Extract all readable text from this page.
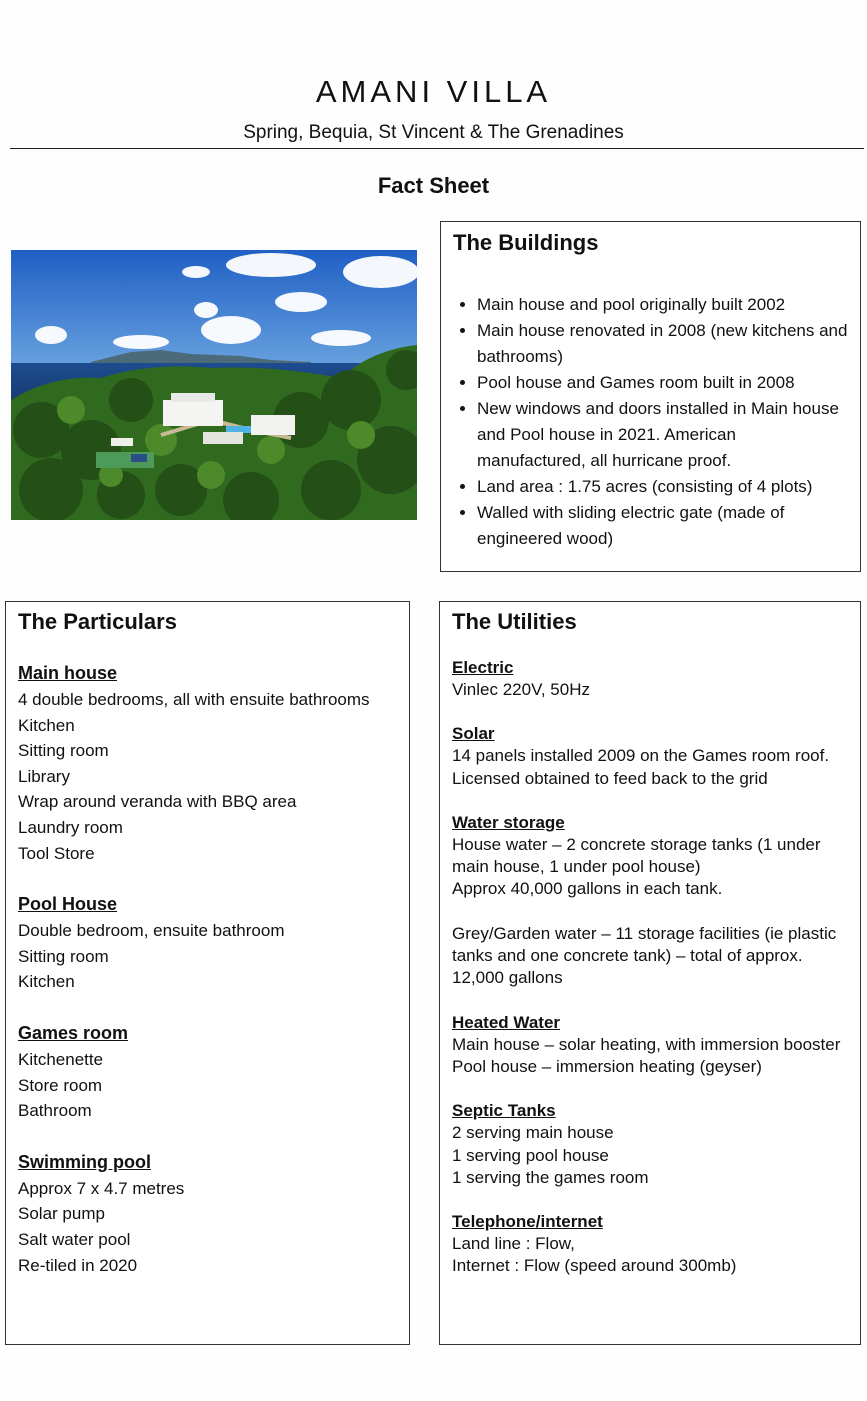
AMANI VILLA
Spring, Bequia, St Vincent & The Grenadines
Fact Sheet
The Buildings
• Main house and pool originally built 2002
• Main house renovated in 2008 (new kitchens and bathrooms)
• Pool house and Games room built in 2008
• New windows and doors installed in Main house and Pool house in 2021. American manufactured, all hurricane proof.
• Land area : 1.75 acres (consisting of 4 plots)
• Walled with sliding electric gate (made of engineered wood)
The Particulars
Main house
4 double bedrooms, all with ensuite bathrooms
Kitchen
Sitting room
Library
Wrap around veranda with BBQ area
Laundry room
Tool Store
Pool House
Double bedroom, ensuite bathroom
Sitting room
Kitchen
Games room
Kitchenette
Store room
Bathroom
Swimming pool
Approx 7 x 4.7 metres
Solar pump
Salt water pool
Re-tiled in 2020
The Utilities
Electric
Vinlec 220V, 50Hz
Solar
14 panels installed 2009 on the Games room roof.
Licensed obtained to feed back to the grid
Water storage
House water – 2 concrete storage tanks (1 under main house, 1 under pool house)
Approx 40,000 gallons in each tank.
Grey/Garden water – 11 storage facilities (ie plastic tanks and one concrete tank) – total of approx. 12,000 gallons
Heated Water
Main house – solar heating, with immersion booster
Pool house – immersion heating (geyser)
Septic Tanks
2 serving main house
1 serving pool house
1 serving the games room
Telephone/internet
Land line : Flow,
Internet : Flow (speed around 300mb)
